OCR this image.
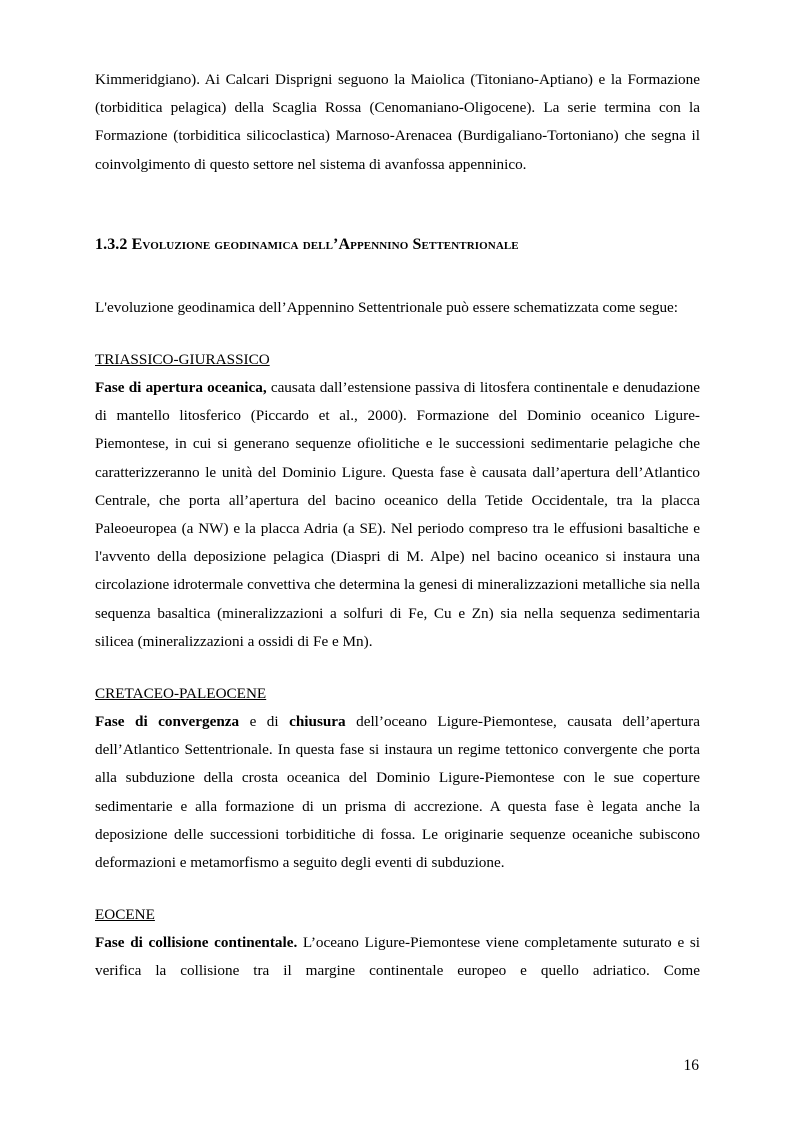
Kimmeridgiano). Ai Calcari Disprigni seguono la Maiolica (Titoniano-Aptiano) e la Formazione (torbiditica pelagica) della Scaglia Rossa (Cenomaniano-Oligocene). La serie termina con la Formazione (torbiditica silicoclastica) Marnoso-Arenacea (Burdigaliano-Tortoniano) che segna il coinvolgimento di questo settore nel sistema di avanfossa appenninico.

1.3.2 Evoluzione geodinamica dell’Appennino Settentrionale

L'evoluzione geodinamica dell’Appennino Settentrionale può essere schematizzata come segue:

TRIASSICO-GIURASSICO

Fase di apertura oceanica, causata dall’estensione passiva di litosfera continentale e denudazione di mantello litosferico (Piccardo et al., 2000). Formazione del Dominio oceanico Ligure-Piemontese, in cui si generano sequenze ofiolitiche e le successioni sedimentarie pelagiche che caratterizzeranno le unità del Dominio Ligure. Questa fase è causata dall’apertura dell’Atlantico Centrale, che porta all’apertura del bacino oceanico della Tetide Occidentale, tra la placca Paleoeuropea (a NW) e la placca Adria (a SE). Nel periodo compreso tra le effusioni basaltiche e l'avvento della deposizione pelagica (Diaspri di M. Alpe) nel bacino oceanico si instaura una circolazione idrotermale convettiva che determina la genesi di mineralizzazioni metalliche sia nella sequenza basaltica (mineralizzazioni a solfuri di Fe, Cu e Zn) sia nella sequenza sedimentaria silicea (mineralizzazioni a ossidi di Fe e Mn).

CRETACEO-PALEOCENE

Fase di convergenza e di chiusura dell’oceano Ligure-Piemontese, causata dell’apertura dell’Atlantico Settentrionale. In questa fase si instaura un regime tettonico convergente che porta alla subduzione della crosta oceanica del Dominio Ligure-Piemontese con le sue coperture sedimentarie e alla formazione di un prisma di accrezione. A questa fase è legata anche la deposizione delle successioni torbiditiche di fossa. Le originarie sequenze oceaniche subiscono deformazioni e metamorfismo a seguito degli eventi di subduzione.

EOCENE

Fase di collisione continentale. L’oceano Ligure-Piemontese viene completamente suturato e si verifica la collisione tra il margine continentale europeo e quello adriatico. Come

16
